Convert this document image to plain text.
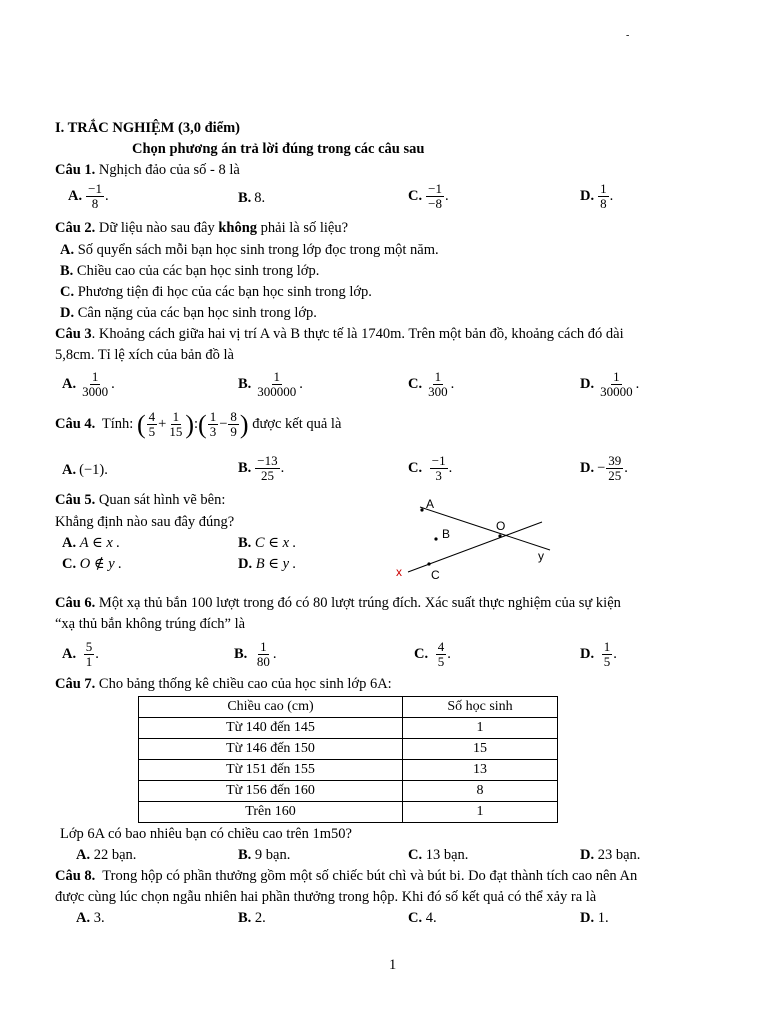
-
I. TRẮC NGHIỆM (3,0 điểm)
Chọn phương án trả lời đúng trong các câu sau
Câu 1. Nghịch đảo của số - 8 là
A. $\frac{-1}{8}$ .	B. 8.	C. $\frac{-1}{-8}$ .	D. $\frac{1}{8}$ .
Câu 2. Dữ liệu nào sau đây không phải là số liệu?
A. Số quyển sách mỗi bạn học sinh trong lớp đọc trong một năm.
B. Chiều cao của các bạn học sinh trong lớp.
C. Phương tiện đi học của các bạn học sinh trong lớp.
D. Cân nặng của các bạn học sinh trong lớp.
Câu 3. Khoảng cách giữa hai vị trí A và B thực tế là 1740m. Trên một bản đồ, khoảng cách đó dài
5,8cm. Tỉ lệ xích của bản đồ là
A. $\frac{1}{3000}$ .	B. $\frac{1}{300000}$ .	C. $\frac{1}{300}$ .	D. $\frac{1}{30000}$ .
Câu 4.
Tính:
( $\frac{4}{5} + \frac{1}{15}$ ) : ( $\frac{1}{3} - \frac{8}{9}$ )
được kết quả là
A. (−1).	B. $\frac{-13}{25}$ .	C.
$\frac{-1}{3}$ .	D. − $\frac{39}{25}$ .
Câu 5. Quan sát hình vẽ bên:
Khẳng định nào sau đây đúng?
A. A ∈ x .	B. C ∈ x .
C. O ∉ y .	D. B ∈ y .
A
B
C
O
x
y
Câu 6. Một xạ thủ bắn 100 lượt trong đó có 80 lượt trúng đích. Xác suất thực nghiệm của sự kiện
“xạ thủ bắn không trúng đích” là
A.
$\frac{5}{1}$ .	B.
$\frac{1}{80}$ .	C.
$\frac{4}{5}$ .	D.
$\frac{1}{5}$ .
Câu 7. Cho bảng thống kê chiều cao của học sinh lớp 6A:
Chiều cao (cm)	Số học sinh
Từ 140 đến 145	1
Từ 146 đến 150	15
Từ 151 đến 155	13
Từ 156 đến 160	8
Trên 160	1
Lớp 6A có bao nhiêu bạn có chiều cao trên 1m50?
A. 22 bạn.	B. 9 bạn.	C. 13 bạn.	D. 23 bạn.
Câu 8. Trong hộp có phần thưởng gồm một số chiếc bút chì và bút bi. Do đạt thành tích cao nên An
được cùng lúc chọn ngẫu nhiên hai phần thưởng trong hộp. Khi đó số kết quả có thể xảy ra là
A. 3.	B. 2.	C. 4.	D. 1.
1
